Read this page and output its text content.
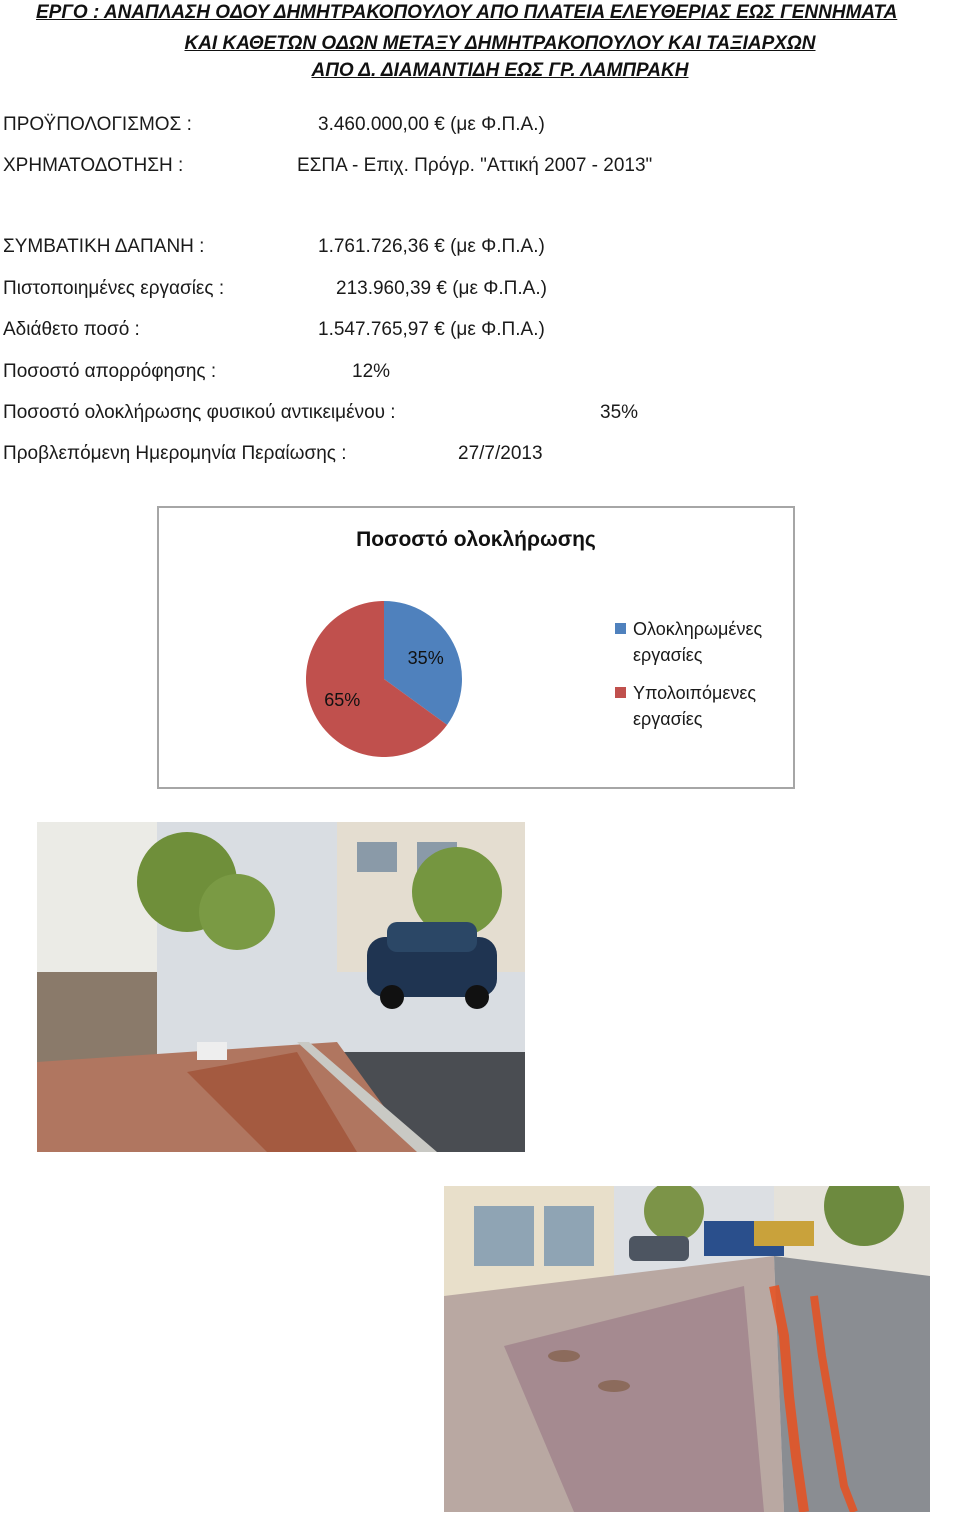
ΕΡΓΟ : ΑΝΑΠΛΑΣΗ ΟΔΟΥ ΔΗΜΗΤΡΑΚΟΠΟΥΛΟΥ ΑΠΟ ΠΛΑΤΕΙΑ ΕΛΕΥΘΕΡΙΑΣ ΕΩΣ ΓΕΝΝΗΜΑΤΑ
ΚΑΙ ΚΑΘΕΤΩΝ ΟΔΩΝ ΜΕΤΑΞΥ ΔΗΜΗΤΡΑΚΟΠΟΥΛΟΥ ΚΑΙ ΤΑΞΙΑΡΧΩΝ
ΑΠΟ Δ. ΔΙΑΜΑΝΤΙΔΗ ΕΩΣ ΓΡ. ΛΑΜΠΡΑΚΗ
ΠΡΟΫΠΟΛΟΓΙΣΜΟΣ :	3.460.000,00 € (με Φ.Π.Α.)
ΧΡΗΜΑΤΟΔΟΤΗΣΗ :	ΕΣΠΑ - Επιχ. Πρόγρ. "Αττική 2007 - 2013"
ΣΥΜΒΑΤΙΚΗ ΔΑΠΑΝΗ :	1.761.726,36 € (με Φ.Π.Α.)
Πιστοποιημένες εργασίες :	213.960,39 € (με Φ.Π.Α.)
Αδιάθετο ποσό :	1.547.765,97 € (με Φ.Π.Α.)
Ποσοστό απορρόφησης :	12%
Ποσοστό ολοκλήρωσης φυσικού αντικειμένου :	35%
Προβλεπόμενη Ημερομηνία Περαίωσης :	27/7/2013
Ποσοστό ολοκλήρωσης
35%
65%
Ολοκληρωμένες
εργασίες
Υπολοιπόμενες
εργασίες
